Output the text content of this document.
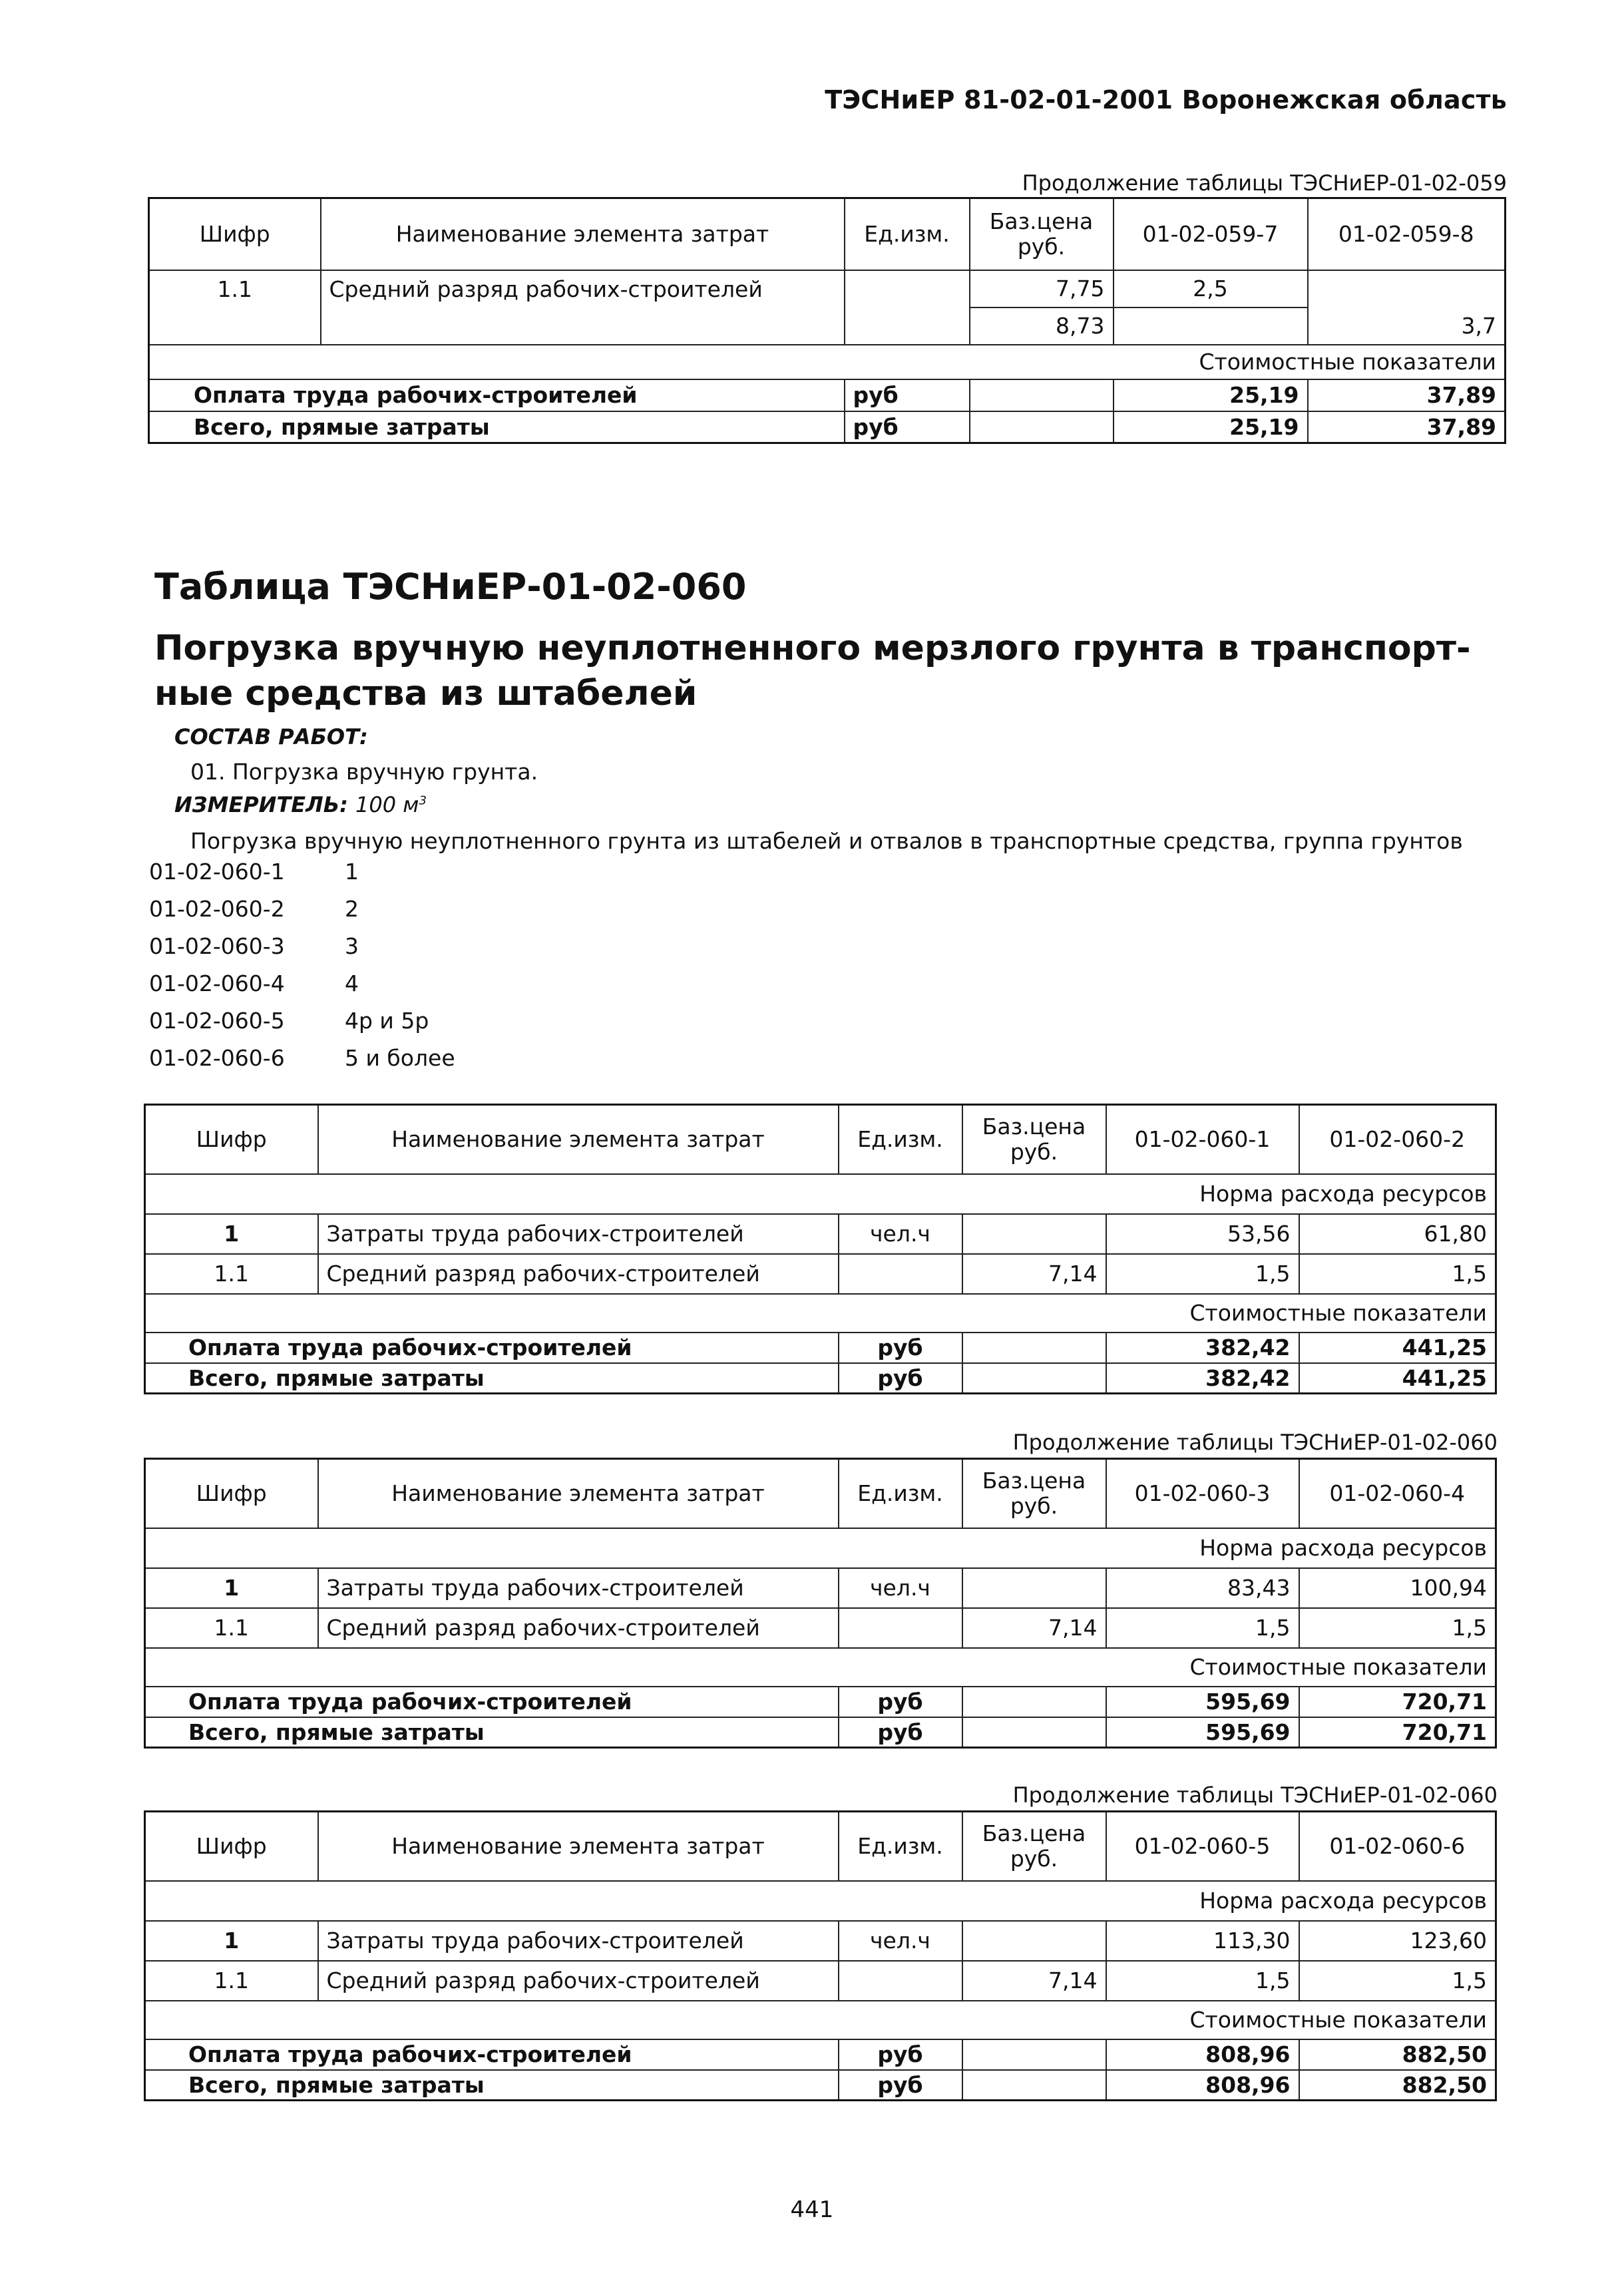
ТЭСНиЕР 81-02-01-2001 Воронежская область
Продолжение таблицы ТЭСНиЕР-01-02-059
Шифр	Наименование элемента затрат	Ед.изм.	Баз.цена руб.	01-02-059-7	01-02-059-8
1.1	Средний разряд рабочих-строителей		7,75	2,5	
			8,73		3,7
Стоимостные показатели					
Оплата труда рабочих-строителей		руб		25,19	37,89
Всего, прямые затраты		руб		25,19	37,89
Таблица ТЭСНиЕР-01-02-060
Погрузка вручную неуплотненного мерзлого грунта в транспорт-ные средства из штабелей
СОСТАВ РАБОТ:
01. Погрузка вручную грунта.
ИЗМЕРИТЕЛЬ: 100 $м^3$
Погрузка вручную неуплотненного грунта из штабелей и отвалов в транспортные средства, группа грунтов
01-02-060-1	1
01-02-060-2	2
01-02-060-3	3
01-02-060-4	4
01-02-060-5	4р и 5р
01-02-060-6	5 и более
Шифр	Наименование элемента затрат	Ед.изм.	Баз.цена руб.	01-02-060-1	01-02-060-2
Норма расхода ресурсов					
1	Затраты труда рабочих-строителей	чел.ч		53,56	61,80
1.1	Средний разряд рабочих-строителей		7,14	1,5	1,5
Стоимостные показатели					
Оплата труда рабочих-строителей		руб		382,42	441,25
Всего, прямые затраты		руб		382,42	441,25
Продолжение таблицы ТЭСНиЕР-01-02-060
Шифр	Наименование элемента затрат	Ед.изм.	Баз.цена руб.	01-02-060-3	01-02-060-4
Норма расхода ресурсов					
1	Затраты труда рабочих-строителей	чел.ч		83,43	100,94
1.1	Средний разряд рабочих-строителей		7,14	1,5	1,5
Стоимостные показатели					
Оплата труда рабочих-строителей		руб		595,69	720,71
Всего, прямые затраты		руб		595,69	720,71
Продолжение таблицы ТЭСНиЕР-01-02-060
Шифр	Наименование элемента затрат	Ед.изм.	Баз.цена руб.	01-02-060-5	01-02-060-6
Норма расхода ресурсов					
1	Затраты труда рабочих-строителей	чел.ч		113,30	123,60
1.1	Средний разряд рабочих-строителей		7,14	1,5	1,5
Стоимостные показатели					
Оплата труда рабочих-строителей		руб		808,96	882,50
Всего, прямые затраты		руб		808,96	882,50
441
